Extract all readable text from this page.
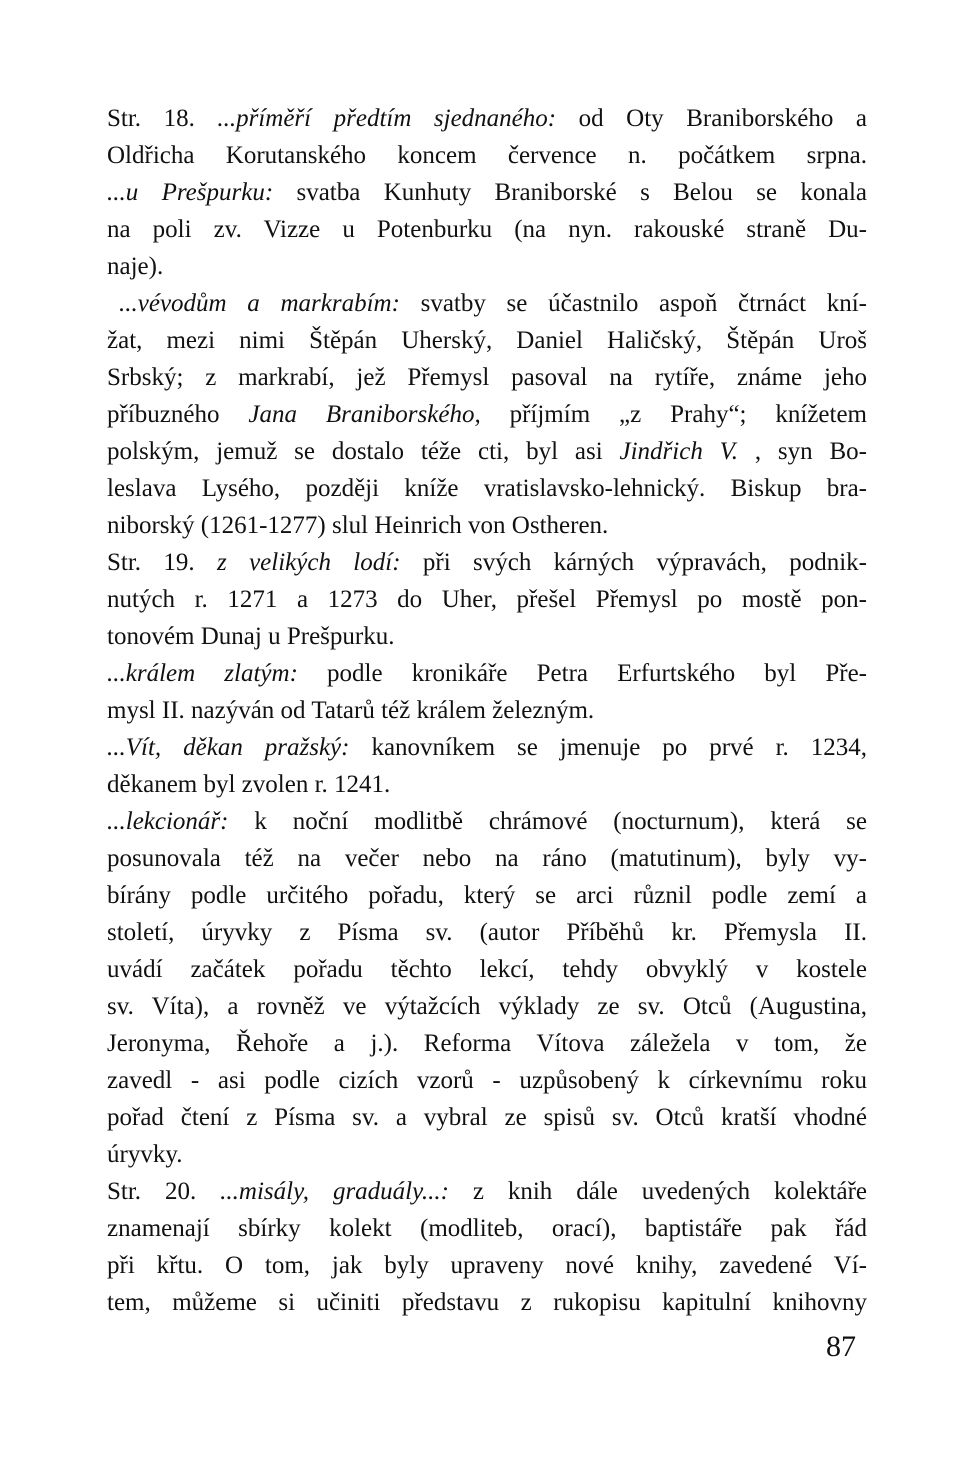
Str. 18. ...příměří předtím sjednaného: od Oty Braniborského a
Oldřicha Korutanského koncem července n. počátkem srpna.
...u Prešpurku: svatba Kunhuty Braniborské s Belou se konala
na poli zv. Vizze u Potenburku (na nyn. rakouské straně Du-
naje).
...vévodům a markrabím: svatby se účastnilo aspoň čtrnáct kní-
žat, mezi nimi Štěpán Uherský, Daniel Haličský, Štěpán Uroš
Srbský; z markrabí, jež Přemysl pasoval na rytíře, známe jeho
příbuzného Jana Braniborského, příjmím „z Prahy“; knížetem
polským, jemuž se dostalo téže cti, byl asi Jindřich V. , syn Bo-
leslava Lysého, později kníže vratislavsko-lehnický. Biskup bra-
niborský (1261-1277) slul Heinrich von Ostheren.
Str. 19. z velikých lodí: při svých kárných výpravách, podnik-
nutých r. 1271 a 1273 do Uher, přešel Přemysl po mostě pon-
tonovém Dunaj u Prešpurku.
...králem zlatým: podle kronikáře Petra Erfurtského byl Pře-
mysl II. nazýván od Tatarů též králem železným.
...Vít, děkan pražský: kanovníkem se jmenuje po prvé r. 1234,
děkanem byl zvolen r. 1241.
...lekcionář: k noční modlitbě chrámové (nocturnum), která se
posunovala též na večer nebo na ráno (matutinum), byly vy-
bírány podle určitého pořadu, který se arci různil podle zemí a
století, úryvky z Písma sv. (autor Příběhů kr. Přemysla II.
uvádí začátek pořadu těchto lekcí, tehdy obvyklý v kostele
sv. Víta), a rovněž ve výtažcích výklady ze sv. Otců (Augustina,
Jeronyma, Řehoře a j.). Reforma Vítova záležela v tom, že
zavedl - asi podle cizích vzorů - uzpůsobený k církevnímu roku
pořad čtení z Písma sv. a vybral ze spisů sv. Otců kratší vhodné
úryvky.
Str. 20. ...misály, graduály...: z knih dále uvedených kolektáře
znamenají sbírky kolekt (modliteb, orací), baptistáře pak řád
při křtu. O tom, jak byly upraveny nové knihy, zavedené Ví-
tem, můžeme si učiniti představu z rukopisu kapitulní knihovny
87
